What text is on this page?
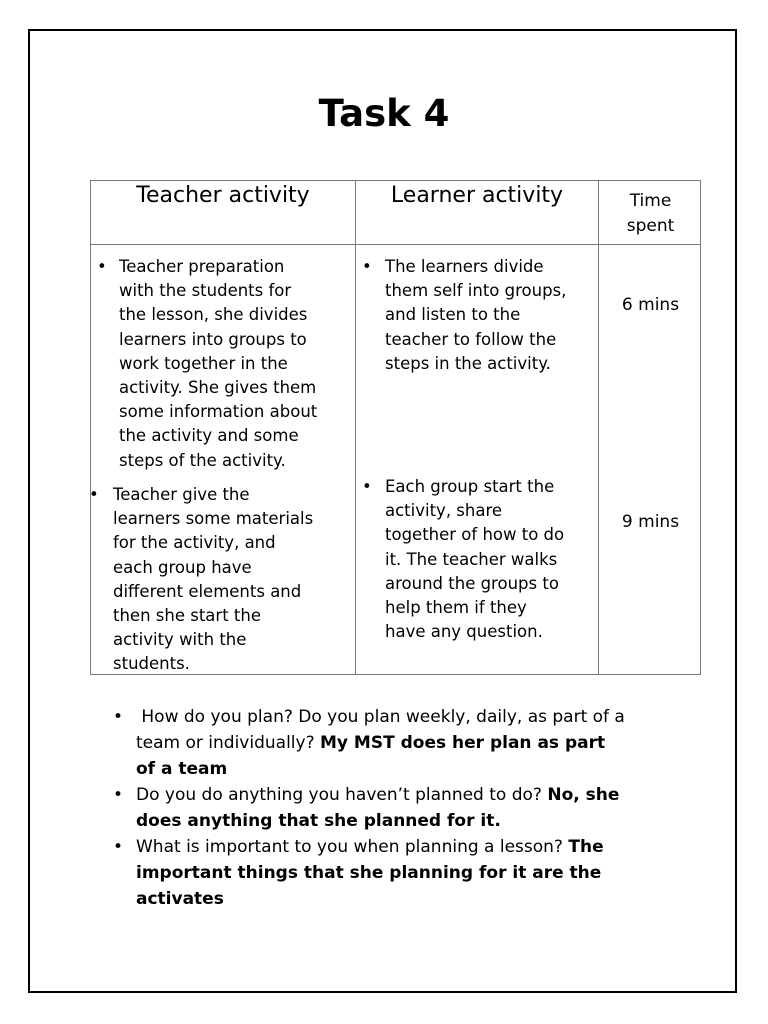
Task 4
Teacher activity	Learner activity	Time
spent
• Teacher preparation
with the students for
the lesson, she divides
learners into groups to
work together in the
activity. She gives them
some information about
the activity and some
steps of the activity.
• Teacher give the
learners some materials
for the activity, and
each group have
different elements and
then she start the
activity with the
students.
• The learners divide
them self into groups,
and listen to the
teacher to follow the
steps in the activity.
• Each group start the
activity, share
together of how to do
it. The teacher walks
around the groups to
help them if they
have any question.
6 mins
9 mins
• How do you plan? Do you plan weekly, daily, as part of a
team or individually? My MST does her plan as part
of a team
• Do you do anything you haven’t planned to do? No, she
does anything that she planned for it.
• What is important to you when planning a lesson? The
important things that she planning for it are the
activates
